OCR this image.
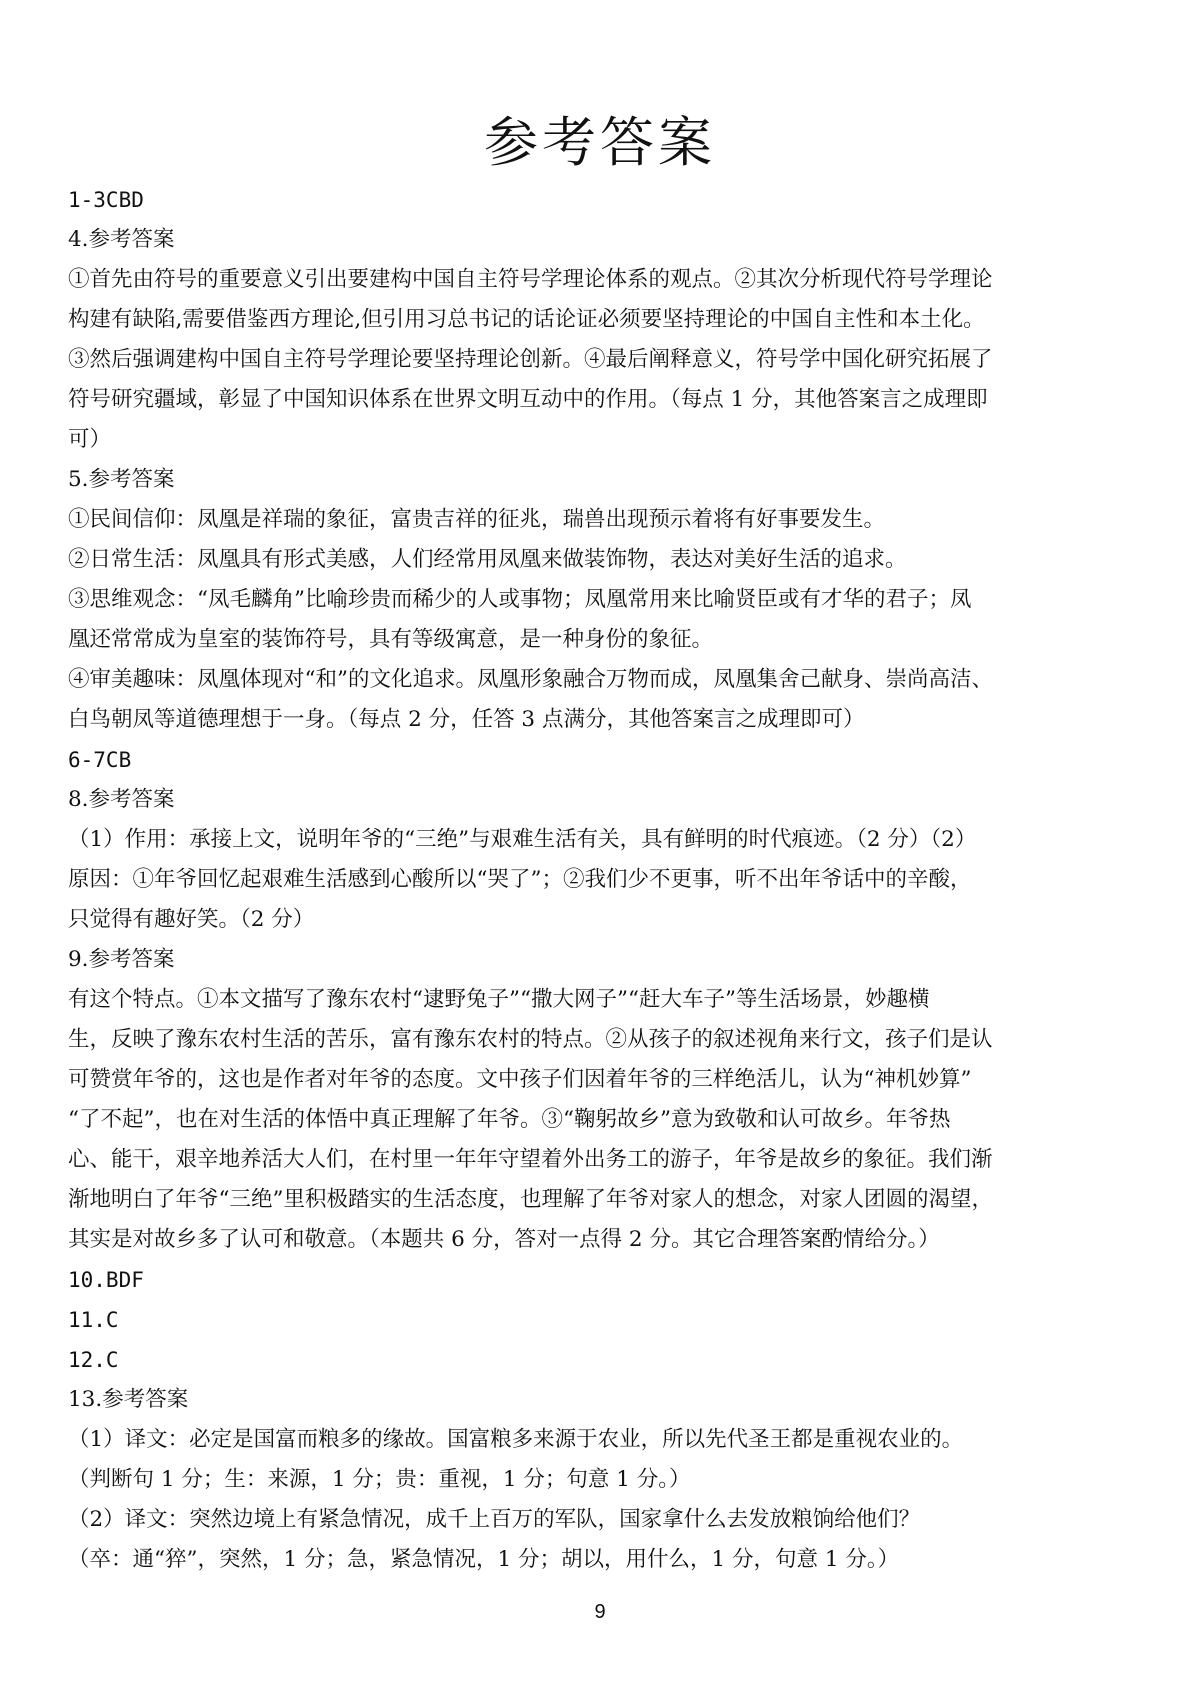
参考答案
1-3CBD
4.参考答案
①首先由符号的重要意义引出要建构中国自主符号学理论体系的观点。②其次分析现代符号学理论
构建有缺陷,需要借鉴西方理论,但引用习总书记的话论证必须要坚持理论的中国自主性和本土化。
③然后强调建构中国自主符号学理论要坚持理论创新。④最后阐释意义，符号学中国化研究拓展了
符号研究疆域，彰显了中国知识体系在世界文明互动中的作用。（每点 1 分，其他答案言之成理即
可）
5.参考答案
①民间信仰：凤凰是祥瑞的象征，富贵吉祥的征兆，瑞兽出现预示着将有好事要发生。
②日常生活：凤凰具有形式美感，人们经常用凤凰来做装饰物，表达对美好生活的追求。
③思维观念：“凤毛麟角”比喻珍贵而稀少的人或事物；凤凰常用来比喻贤臣或有才华的君子；凤
凰还常常成为皇室的装饰符号，具有等级寓意，是一种身份的象征。
④审美趣味：凤凰体现对“和”的文化追求。凤凰形象融合万物而成，凤凰集舍己献身、崇尚高洁、
白鸟朝凤等道德理想于一身。（每点 2 分，任答 3 点满分，其他答案言之成理即可）
6-7CB
8.参考答案
（1）作用：承接上文，说明年爷的“三绝”与艰难生活有关，具有鲜明的时代痕迹。（2 分）（2）
原因：①年爷回忆起艰难生活感到心酸所以“哭了”；②我们少不更事，听不出年爷话中的辛酸，
只觉得有趣好笑。（2 分）
9.参考答案
有这个特点。①本文描写了豫东农村“逮野兔子”“撒大网子”“赶大车子”等生活场景，妙趣横
生，反映了豫东农村生活的苦乐，富有豫东农村的特点。②从孩子的叙述视角来行文，孩子们是认
可赞赏年爷的，这也是作者对年爷的态度。文中孩子们因着年爷的三样绝活儿，认为“神机妙算”
“了不起”，也在对生活的体悟中真正理解了年爷。③“鞠躬故乡”意为致敬和认可故乡。年爷热
心、能干，艰辛地养活大人们，在村里一年年守望着外出务工的游子，年爷是故乡的象征。我们渐
渐地明白了年爷“三绝”里积极踏实的生活态度，也理解了年爷对家人的想念，对家人团圆的渴望，
其实是对故乡多了认可和敬意。（本题共 6 分，答对一点得 2 分。其它合理答案酌情给分。）
10.BDF
11.C
12.C
13.参考答案
（1）译文：必定是国富而粮多的缘故。国富粮多来源于农业，所以先代圣王都是重视农业的。
（判断句 1 分；生：来源，1 分；贵：重视，1 分；句意 1 分。）
（2）译文：突然边境上有紧急情况，成千上百万的军队，国家拿什么去发放粮饷给他们？
（卒：通“猝”，突然，1 分；急，紧急情况，1 分；胡以，用什么，1 分，句意 1 分。）
9
